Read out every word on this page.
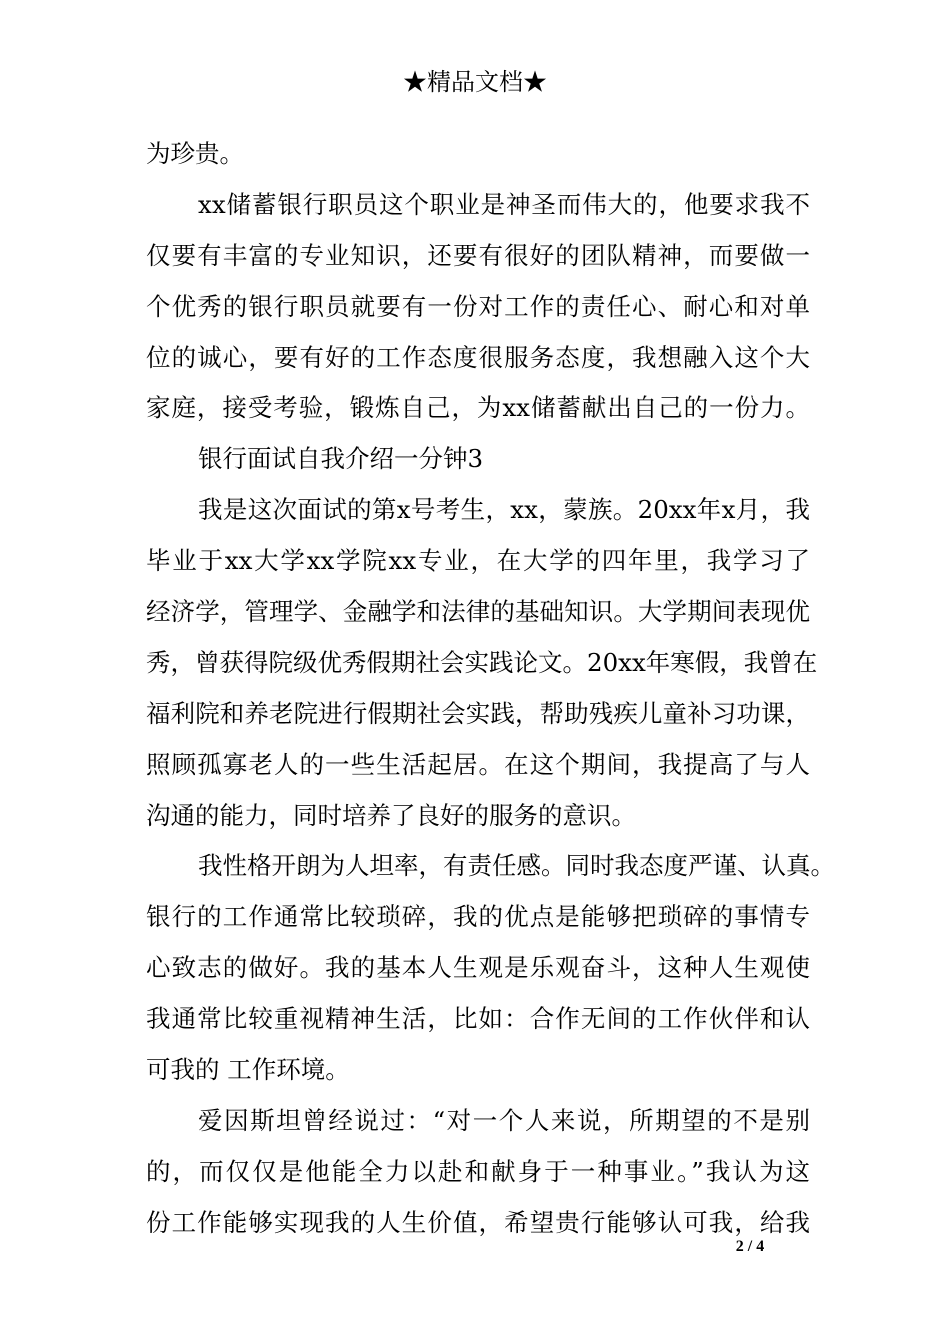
★精品文档★
为珍贵。
xx储蓄银行职员这个职业是神圣而伟大的，他要求我不
仅要有丰富的专业知识，还要有很好的团队精神，而要做一
个优秀的银行职员就要有一份对工作的责任心、耐心和对单
位的诚心，要有好的工作态度很服务态度，我想融入这个大
家庭，接受考验，锻炼自己，为xx储蓄献出自己的一份力。
银行面试自我介绍一分钟3
我是这次面试的第x号考生，xx，蒙族。20xx年x月，我
毕业于xx大学xx学院xx专业，在大学的四年里，我学习了
经济学，管理学、金融学和法律的基础知识。大学期间表现优
秀，曾获得院级优秀假期社会实践论文。20xx年寒假，我曾在
福利院和养老院进行假期社会实践，帮助残疾儿童补习功课，
照顾孤寡老人的一些生活起居。在这个期间，我提高了与人
沟通的能力，同时培养了良好的服务的意识。
我性格开朗为人坦率，有责任感。同时我态度严谨、认真。
银行的工作通常比较琐碎，我的优点是能够把琐碎的事情专
心致志的做好。我的基本人生观是乐观奋斗，这种人生观使
我通常比较重视精神生活，比如：合作无间的工作伙伴和认
可我的 工作环境。
爱因斯坦曾经说过：“对一个人来说，所期望的不是别
的，而仅仅是他能全力以赴和献身于一种事业。”我认为这
份工作能够实现我的人生价值，希望贵行能够认可我，给我
2 / 4
